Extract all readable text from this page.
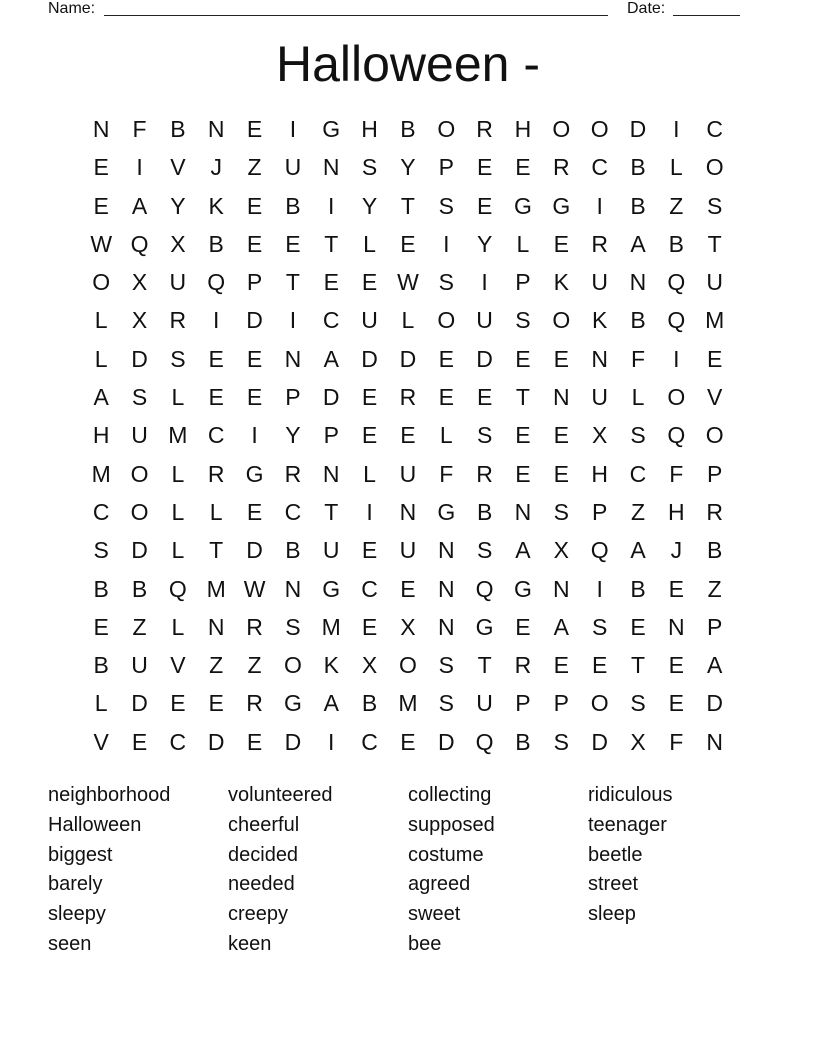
Name:	Date:
Halloween -
N	F	B N E	I	G H B O R H O O D	I	C
E	I	V	J	Z	U N S	Y	P	E	E R C B	L	O
E	A	Y	K	E	B	I	Y	T	S	E G G	I	B	Z	S
W Q X	B	E	E	T	L	E	I	Y	L	E R A	B	T
O X U Q P	T	E	E W S	I	P	K U N Q U
L	X R	I	D	I	C U	L	O U S O K	B Q M
L	D S	E	E N A D D E D E	E N	F	I	E
A	S	L	E	E	P D E R E	E	T	N U	L	O V
H U M C	I	Y	P	E	E	L	S	E	E	X	S Q O
M O	L	R G R N	L	U	F	R E	E H C	F	P
C O	L	L	E C	T	I	N G B N S	P	Z	H R
S D	L	T	D B U E U N S	A	X Q A	J	B
B	B Q M W N G C E N Q G N	I	B	E	Z
E	Z	L	N R S M E	X N G E	A	S	E N P
B U V	Z	Z O K	X O S	T	R E	E	T	E	A
L	D E	E R G A	B M S U P	P O S	E D
V	E C D E D	I	C E D Q B	S D X	F	N
neighborhood
Halloween
biggest
barely
sleepy
seen
volunteered
cheerful
decided
needed
creepy
keen
collecting
supposed
costume
agreed
sweet
bee
ridiculous
teenager
beetle
street
sleep
